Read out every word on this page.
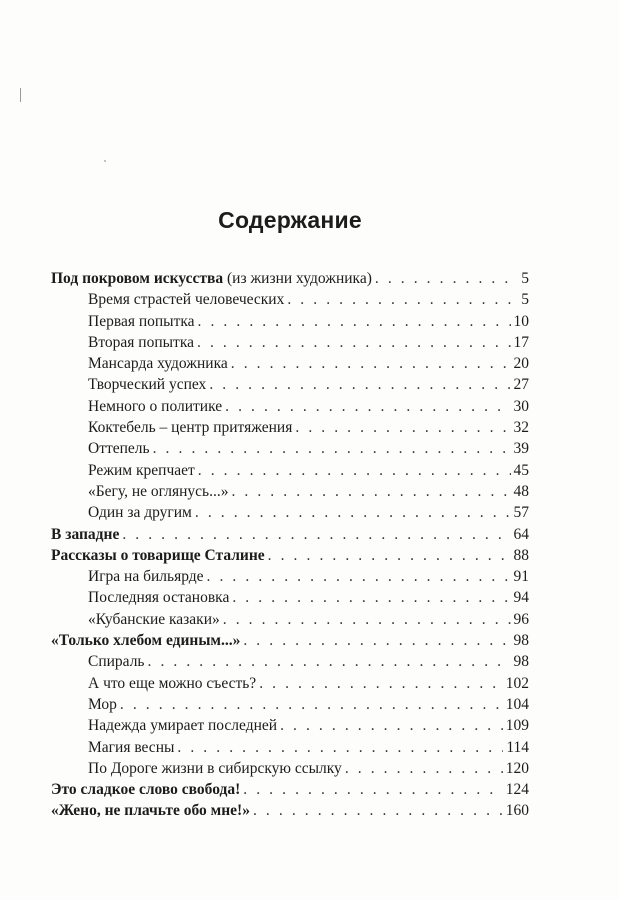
Содержание
Под покровом искусства (из жизни художника) . . .	5
Время страстей человеческих . . .	5
Первая попытка . . .	10
Вторая попытка . . .	17
Мансарда художника . . .	20
Творческий успех . . .	27
Немного о политике . . .	30
Коктебель – центр притяжения . . .	32
Оттепель . . .	39
Режим крепчает . . .	45
«Бегу, не оглянусь...» . . .	48
Один за другим . . .	57
В западне . . .	64
Рассказы о товарище Сталине . . .	88
Игра на бильярде . . .	91
Последняя остановка . . .	94
«Кубанские казаки» . . .	96
«Только хлебом единым...» . . .	98
Спираль . . .	98
А что еще можно съесть? . . .	102
Мор . . .	104
Надежда умирает последней . . .	109
Магия весны . . .	114
По Дороге жизни в сибирскую ссылку . . .	120
Это сладкое слово свобода! . . .	124
«Жено, не плачьте обо мне!» . . .	160
